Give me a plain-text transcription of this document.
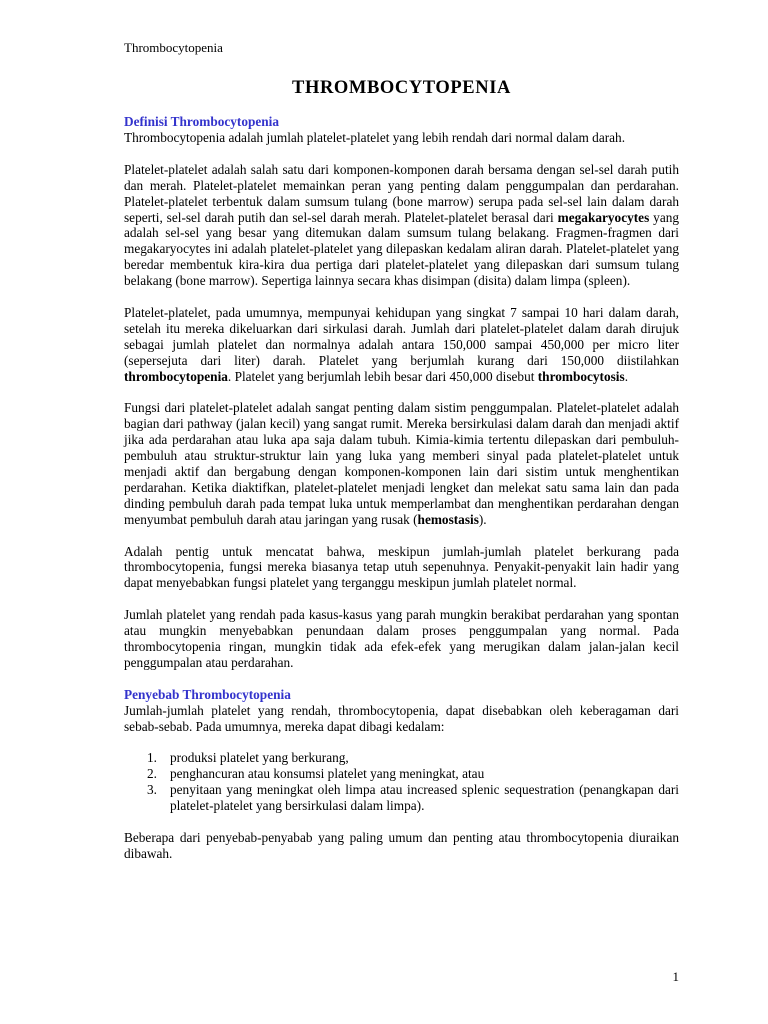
Thrombocytopenia
THROMBOCYTOPENIA
Definisi Thrombocytopenia

Thrombocytopenia adalah jumlah platelet-platelet yang lebih rendah dari normal dalam darah.

Platelet-platelet adalah salah satu dari komponen-komponen darah bersama dengan sel-sel darah putih dan merah. Platelet-platelet memainkan peran yang penting dalam penggumpalan dan perdarahan. Platelet-platelet terbentuk dalam sumsum tulang (bone marrow) serupa pada sel-sel lain dalam darah seperti, sel-sel darah putih dan sel-sel darah merah. Platelet-platelet berasal dari megakaryocytes yang adalah sel-sel yang besar yang ditemukan dalam sumsum tulang belakang. Fragmen-fragmen dari megakaryocytes ini adalah platelet-platelet yang dilepaskan kedalam aliran darah. Platelet-platelet yang beredar membentuk kira-kira dua pertiga dari platelet-platelet yang dilepaskan dari sumsum tulang belakang (bone marrow). Sepertiga lainnya secara khas disimpan (disita) dalam limpa (spleen).

Platelet-platelet, pada umumnya, mempunyai kehidupan yang singkat 7 sampai 10 hari dalam darah, setelah itu mereka dikeluarkan dari sirkulasi darah. Jumlah dari platelet-platelet dalam darah dirujuk sebagai jumlah platelet dan normalnya adalah antara 150,000 sampai 450,000 per micro liter (sepersejuta dari liter) darah. Platelet yang berjumlah kurang dari 150,000 diistilahkan thrombocytopenia. Platelet yang berjumlah lebih besar dari 450,000 disebut thrombocytosis.

Fungsi dari platelet-platelet adalah sangat penting dalam sistim penggumpalan. Platelet-platelet adalah bagian dari pathway (jalan kecil) yang sangat rumit. Mereka bersirkulasi dalam darah dan menjadi aktif jika ada perdarahan atau luka apa saja dalam tubuh. Kimia-kimia tertentu dilepaskan dari pembuluh-pembuluh atau struktur-struktur lain yang luka yang memberi sinyal pada platelet-platelet untuk menjadi aktif dan bergabung dengan komponen-komponen lain dari sistim untuk menghentikan perdarahan. Ketika diaktifkan, platelet-platelet menjadi lengket dan melekat satu sama lain dan pada dinding pembuluh darah pada tempat luka untuk memperlambat dan menghentikan perdarahan dengan menyumbat pembuluh darah atau jaringan yang rusak (hemostasis).

Adalah pentig untuk mencatat bahwa, meskipun jumlah-jumlah platelet berkurang pada thrombocytopenia, fungsi mereka biasanya tetap utuh sepenuhnya. Penyakit-penyakit lain hadir yang dapat menyebabkan fungsi platelet yang terganggu meskipun jumlah platelet normal.

Jumlah platelet yang rendah pada kasus-kasus yang parah mungkin berakibat perdarahan yang spontan atau mungkin menyebabkan penundaan dalam proses penggumpalan yang normal. Pada thrombocytopenia ringan, mungkin tidak ada efek-efek yang merugikan dalam jalan-jalan kecil penggumpalan atau perdarahan.

Penyebab Thrombocytopenia

Jumlah-jumlah platelet yang rendah, thrombocytopenia, dapat disebabkan oleh keberagaman dari sebab-sebab. Pada umumnya, mereka dapat dibagi kedalam:

1. produksi platelet yang berkurang,
2. penghancuran atau konsumsi platelet yang meningkat, atau
3. penyitaan yang meningkat oleh limpa atau increased splenic sequestration (penangkapan dari platelet-platelet yang bersirkulasi dalam limpa).

Beberapa dari penyebab-penyabab yang paling umum dan penting atau thrombocytopenia diuraikan dibawah.

1
